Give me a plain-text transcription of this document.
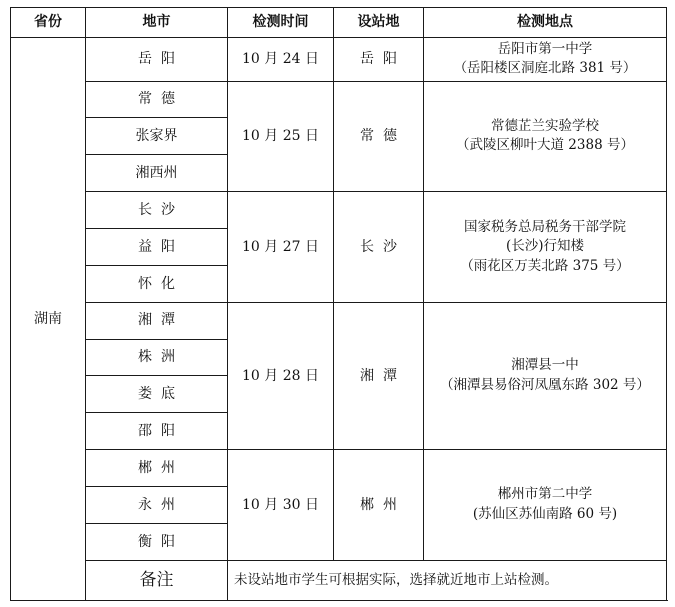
省份	地市	检测时间	设站地	检测地点
湖南	岳阳	10 月 24 日	岳阳	岳阳市第一中学
（岳阳楼区洞庭北路 381 号）

	常德	10 月 25 日	常德	常德芷兰实验学校
（武陵区柳叶大道 2388 号）

	张家界			
	湘西州			
	长沙	10 月 27 日	长沙	国家税务总局税务干部学院
(长沙)行知楼
（雨花区万芙北路 375 号）

	益阳			
	怀化			
	湘潭	10 月 28 日	湘潭	湘潭县一中
（湘潭县易俗河凤凰东路 302 号）

	株洲			
	娄底			
	邵阳			
	郴州	10 月 30 日	郴州	郴州市第二中学
(苏仙区苏仙南路 60 号)

	永州			
	衡阳			
	备注	未设站地市学生可根据实际，选择就近地市上站检测。		
